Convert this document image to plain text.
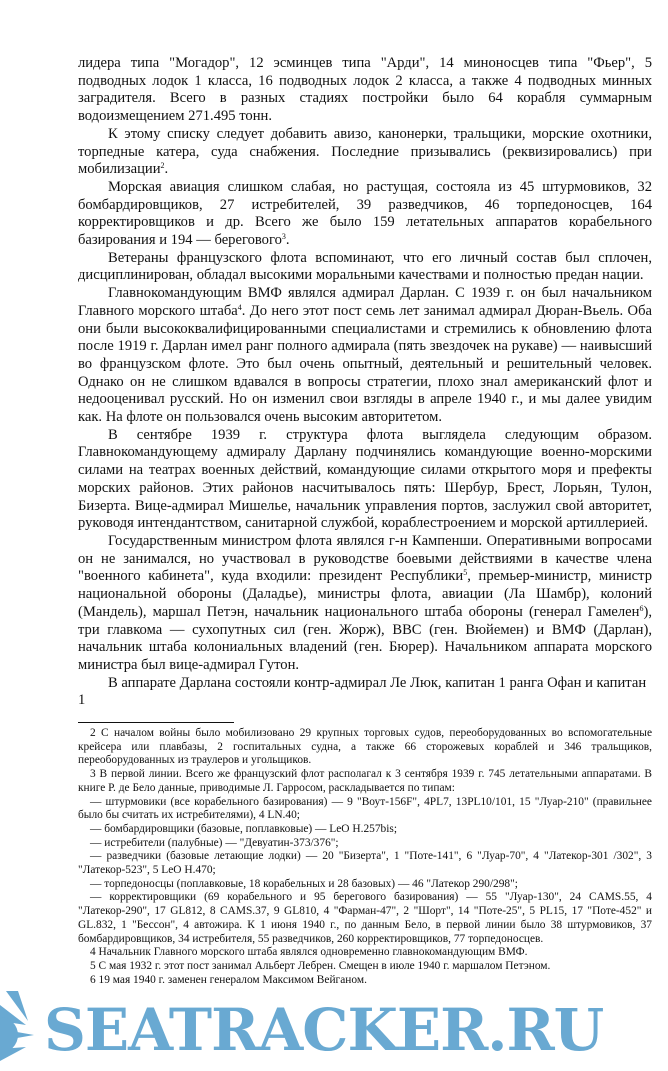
лидера типа "Могадор", 12 эсминцев типа "Арди", 14 миноносцев типа "Фьер", 5 подводных лодок 1 класса, 16 подводных лодок 2 класса, а также 4 подводных минных заградителя. Всего в разных стадиях постройки было 64 корабля суммарным водоизмещением 271.495 тонн.

К этому списку следует добавить авизо, канонерки, тральщики, морские охотники, торпедные катера, суда снабжения. Последние призывались (реквизировались) при мобилизации$^2$.

Морская авиация слишком слабая, но растущая, состояла из 45 штурмовиков, 32 бомбардировщиков, 27 истребителей, 39 разведчиков, 46 торпедоносцев, 164 корректировщиков и др. Всего же было 159 летательных аппаратов корабельного базирования и 194 — берегового$^3$.

Ветераны французского флота вспоминают, что его личный состав был сплочен, дисциплинирован, обладал высокими моральными качествами и полностью предан нации.

Главнокомандующим ВМФ являлся адмирал Дарлан. С 1939 г. он был начальником Главного морского штаба$^4$. До него этот пост семь лет занимал адмирал Дюран-Вьель. Оба они были высококвалифицированными специалистами и стремились к обновлению флота после 1919 г. Дарлан имел ранг полного адмирала (пять звездочек на рукаве) — наивысший во французском флоте. Это был очень опытный, деятельный и решительный человек. Однако он не слишком вдавался в вопросы стратегии, плохо знал американский флот и недооценивал русский. Но он изменил свои взгляды в апреле 1940 г., и мы далее увидим как. На флоте он пользовался очень высоким авторитетом.

В сентябре 1939 г. структура флота выглядела следующим образом. Главнокомандующему адмиралу Дарлану подчинялись командующие военно-морскими силами на театрах военных действий, командующие силами открытого моря и префекты морских районов. Этих районов насчитывалось пять: Шербур, Брест, Лорьян, Тулон, Бизерта. Вице-адмирал Мишелье, начальник управления портов, заслужил свой авторитет, руководя интендантством, санитарной службой, кораблестроением и морской артиллерией.

Государственным министром флота являлся г-н Кампенши. Оперативными вопросами он не занимался, но участвовал в руководстве боевыми действиями в качестве члена "военного кабинета", куда входили: президент Республики$^5$, премьер-министр, министр национальной обороны (Даладье), министры флота, авиации (Ла Шамбр), колоний (Мандель), маршал Петэн, начальник национального штаба обороны (генерал Гамелен$^6$), три главкома — сухопутных сил (ген. Жорж), ВВС (ген. Вюйемен) и ВМФ (Дарлан), начальник штаба колониальных владений (ген. Бюрер). Начальником аппарата морского министра был вице-адмирал Гутон.

В аппарате Дарлана состояли контр-адмирал Ле Люк, капитан 1 ранга Офан и капитан 1

2 С началом войны было мобилизовано 29 крупных торговых судов, переоборудованных во вспомогательные крейсера или плавбазы, 2 госпитальных судна, а также 66 сторожевых кораблей и 346 тральщиков, переоборудованных из траулеров и угольщиков.

3 В первой линии. Всего же французский флот располагал к 3 сентября 1939 г. 745 летательными аппаратами. В книге Р. де Бело данные, приводимые Л. Гарросом, раскладывается по типам:

— штурмовики (все корабельного базирования) — 9 "Воут-156F", 4PL7, 13PL10/101, 15 "Луар-210" (правильнее было бы считать их истребителями), 4 LN.40;

— бомбардировщики (базовые, поплавковые) — LeO H.257bis;

— истребители (палубные) — "Девуатин-373/376";

— разведчики (базовые летающие лодки) — 20 "Бизерта", 1 "Поте-141", 6 "Луар-70", 4 "Латекор-301 /302", 3 "Латекор-523", 5 LeO H.470;

— торпедоносцы (поплавковые, 18 корабельных и 28 базовых) — 46 "Латекор 290/298";

— корректировщики (69 корабельного и 95 берегового базирования) — 55 "Луар-130", 24 CAMS.55, 4 "Латекор-290", 17 GL812, 8 CAMS.37, 9 GL810, 4 "Фарман-47", 2 "Шорт", 14 "Поте-25", 5 PL15, 17 "Поте-452" и GL.832, 1 "Бессон", 4 автожира. К 1 июня 1940 г., по данным Бело, в первой линии было 38 штурмовиков, 37 бомбардировщиков, 34 истребителя, 55 разведчиков, 260 корректировщиков, 77 торпедоносцев.

4 Начальник Главного морского штаба являлся одновременно главнокомандующим ВМФ.

5 С мая 1932 г. этот пост занимал Альберт Лебрен. Смещен в июле 1940 г. маршалом Петэном.

6 19 мая 1940 г. заменен генералом Максимом Вейганом.

SEATRACKER.RU
